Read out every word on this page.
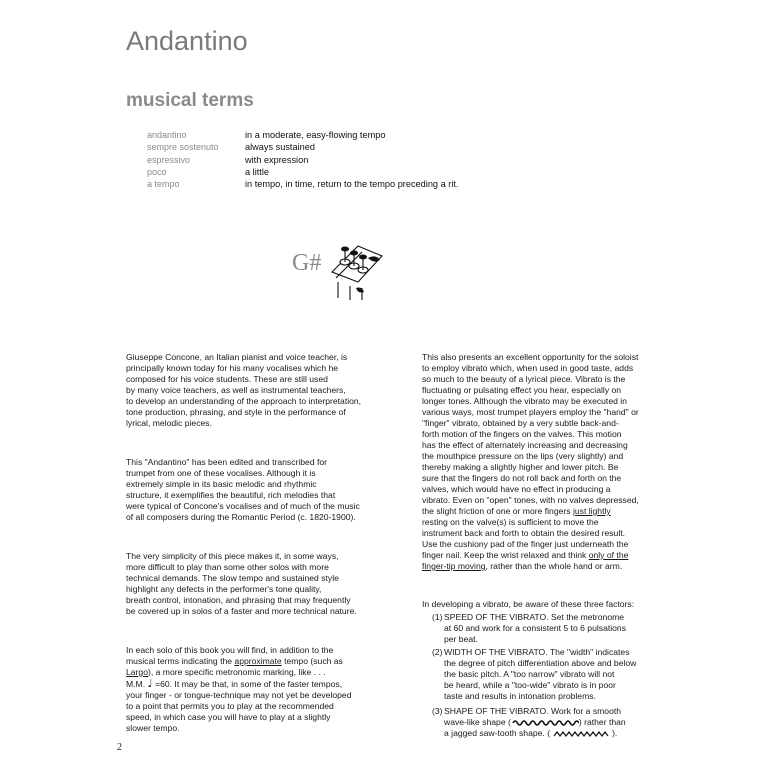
Andantino
musical terms
andantino	in a moderate, easy-flowing tempo
sempre sostenuto	always sustained
espressivo	with expression
poco	a little
a tempo	in tempo, in time, return to the tempo preceding a rit.
G#
Giuseppe Concone, an Italian pianist and voice teacher, is
principally known today for his many vocalises which he
composed for his voice students. These are still used
by many voice teachers, as well as instrumental teachers,
to develop an understanding of the approach to interpretation,
tone production, phrasing, and style in the performance of
lyrical, melodic pieces.
This "Andantino" has been edited and transcribed for
trumpet from one of these vocalises. Although it is
extremely simple in its basic melodic and rhythmic
structure, it exemplifies the beautiful, rich melodies that
were typical of Concone's vocalises and of much of the music
of all composers during the Romantic Period (c. 1820-1900).
The very simplicity of this piece makes it, in some ways,
more difficult to play than some other solos with more
technical demands. The slow tempo and sustained style
highlight any defects in the performer's tone quality,
breath control, intonation, and phrasing that may frequently
be covered up in solos of a faster and more technical nature.
In each solo of this book you will find, in addition to the
musical terms indicating the approximate tempo (such as
Largo), a more specific metronomic marking, like . . .
M.M. ♩ =60. It may be that, in some of the faster tempos,
your finger - or tongue-technique may not yet be developed
to a point that permits you to play at the recommended
speed, in which case you will have to play at a slightly
slower tempo.
This also presents an excellent opportunity for the soloist
to employ vibrato which, when used in good taste, adds
so much to the beauty of a lyrical piece. Vibrato is the
fluctuating or pulsating effect you hear, especially on
longer tones. Although the vibrato may be executed in
various ways, most trumpet players employ the "hand" or
"finger" vibrato, obtained by a very subtle back-and-
forth motion of the fingers on the valves. This motion
has the effect of alternately increasing and decreasing
the mouthpice pressure on the lips (very slightly) and
thereby making a slightly higher and lower pitch. Be
sure that the fingers do not roll back and forth on the
valves, which would have no effect in producing a
vibrato. Even on "open" tones, with no valves depressed,
the slight friction of one or more fingers just lightly
resting on the valve(s) is sufficient to move the
instrument back and forth to obtain the desired result.
Use the cushiony pad of the finger just underneath the
finger nail. Keep the wrist relaxed and think only of the
finger-tip moving, rather than the whole hand or arm.
In developing a vibrato, be aware of these three factors:
(1) SPEED OF THE VIBRATO. Set the metronome
at 60 and work for a consistent 5 to 6 pulsations
per beat.
(2) WIDTH OF THE VIBRATO. The "width" indicates
the degree of pitch differentiation above and below
the basic pitch. A "too narrow" vibrato will not
be heard, while a "too-wide" vibrato is in poor
taste and results in intonation problems.
(3) SHAPE OF THE VIBRATO. Work for a smooth
wave-like shape (	) rather than
a jagged saw-tooth shape. (	).
2
